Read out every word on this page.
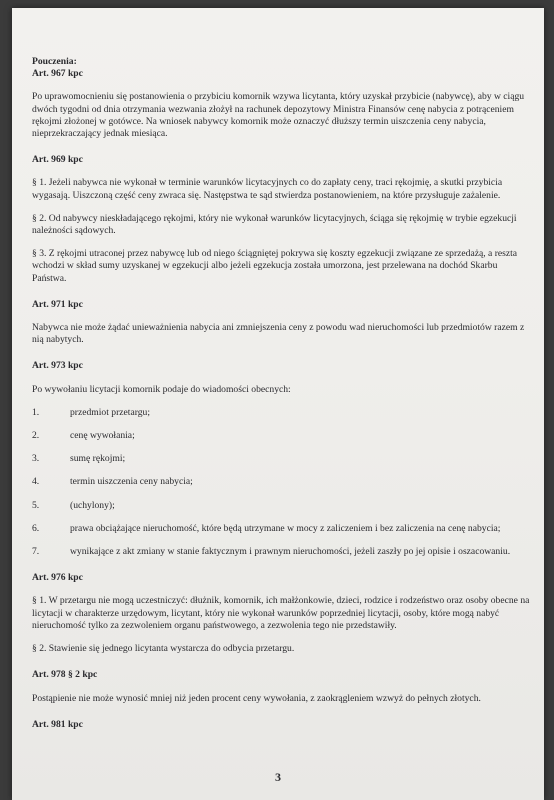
Pouczenia:

Art. 967 kpc

Po uprawomocnieniu się postanowienia o przybiciu komornik wzywa licytanta, który uzyskał przybicie (nabywcę), aby w ciągu dwóch tygodni od dnia otrzymania wezwania złożył na rachunek depozytowy Ministra Finansów cenę nabycia z potrąceniem rękojmi złożonej w gotówce. Na wniosek nabywcy komornik może oznaczyć dłuższy termin uiszczenia ceny nabycia, nieprzekraczający jednak miesiąca.

Art. 969 kpc

§ 1. Jeżeli nabywca nie wykonał w terminie warunków licytacyjnych co do zapłaty ceny, traci rękojmię, a skutki przybicia wygasają. Uiszczoną część ceny zwraca się. Następstwa te sąd stwierdza postanowieniem, na które przysługuje zażalenie.

§ 2. Od nabywcy nieskładającego rękojmi, który nie wykonał warunków licytacyjnych, ściąga się rękojmię w trybie egzekucji należności sądowych.

§ 3. Z rękojmi utraconej przez nabywcę lub od niego ściągniętej pokrywa się koszty egzekucji związane ze sprzedażą, a reszta wchodzi w skład sumy uzyskanej w egzekucji albo jeżeli egzekucja została umorzona, jest przelewana na dochód Skarbu Państwa.

Art. 971 kpc

Nabywca nie może żądać unieważnienia nabycia ani zmniejszenia ceny z powodu wad nieruchomości lub przedmiotów razem z nią nabytych.

Art. 973 kpc

Po wywołaniu licytacji komornik podaje do wiadomości obecnych:

1.	przedmiot przetargu;
2.	cenę wywołania;
3.	sumę rękojmi;
4.	termin uiszczenia ceny nabycia;
5.	(uchylony);
6.	prawa obciążające nieruchomość, które będą utrzymane w mocy z zaliczeniem i bez zaliczenia na cenę nabycia;
7.	wynikające z akt zmiany w stanie faktycznym i prawnym nieruchomości, jeżeli zaszły po jej opisie i oszacowaniu.

Art. 976 kpc

§ 1. W przetargu nie mogą uczestniczyć: dłużnik, komornik, ich małżonkowie, dzieci, rodzice i rodzeństwo oraz osoby obecne na licytacji w charakterze urzędowym, licytant, który nie wykonał warunków poprzedniej licytacji, osoby, które mogą nabyć nieruchomość tylko za zezwoleniem organu państwowego, a zezwolenia tego nie przedstawiły.

§ 2. Stawienie się jednego licytanta wystarcza do odbycia przetargu.

Art. 978 § 2 kpc

Postąpienie nie może wynosić mniej niż jeden procent ceny wywołania, z zaokrągleniem wzwyż do pełnych złotych.

Art. 981 kpc

3
